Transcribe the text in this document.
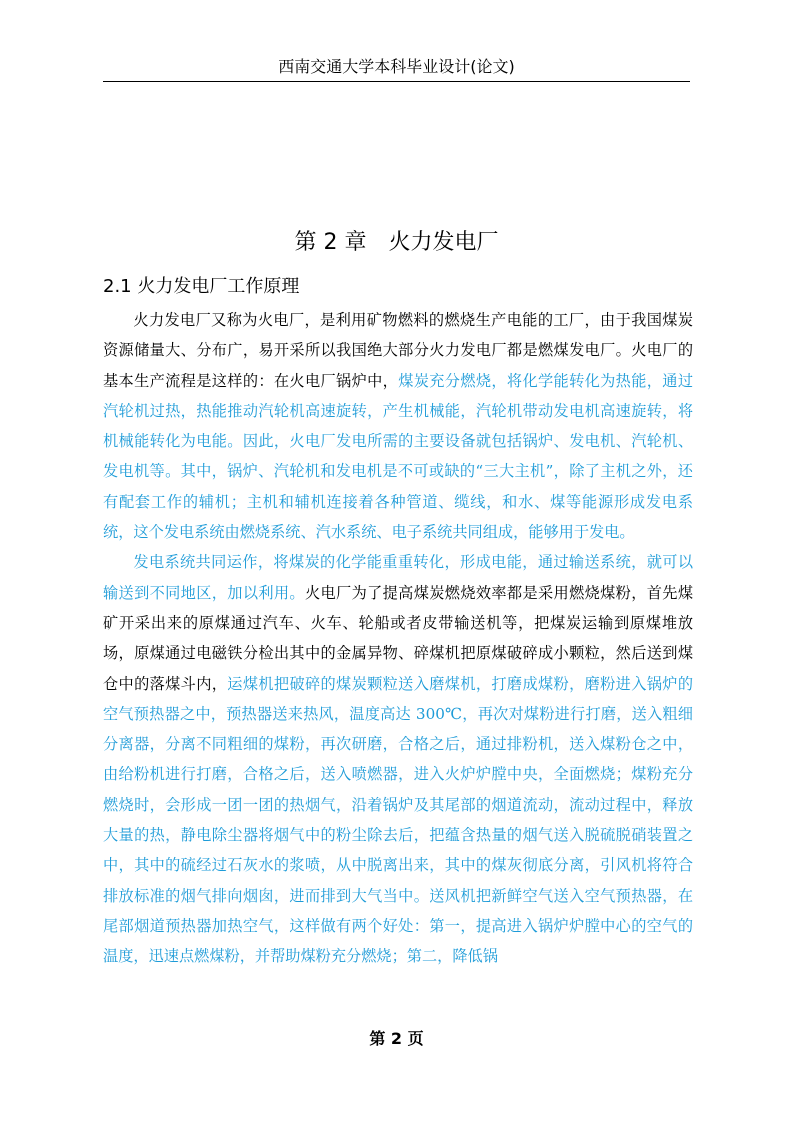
西南交通大学本科毕业设计(论文)
第 2 章　火力发电厂
2.1 火力发电厂工作原理

火力发电厂又称为火电厂，是利用矿物燃料的燃烧生产电能的工厂，由于我国煤炭资源储量大、分布广，易开采所以我国绝大部分火力发电厂都是燃煤发电厂。火电厂的基本生产流程是这样的：在火电厂锅炉中，煤炭充分燃烧，将化学能转化为热能，通过汽轮机过热，热能推动汽轮机高速旋转，产生机械能，汽轮机带动发电机高速旋转，将机械能转化为电能。因此，火电厂发电所需的主要设备就包括锅炉、发电机、汽轮机、发电机等。其中，锅炉、汽轮机和发电机是不可或缺的“三大主机”，除了主机之外，还有配套工作的辅机；主机和辅机连接着各种管道、缆线，和水、煤等能源形成发电系统，这个发电系统由燃烧系统、汽水系统、电子系统共同组成，能够用于发电。

发电系统共同运作，将煤炭的化学能重重转化，形成电能，通过输送系统，就可以输送到不同地区，加以利用。火电厂为了提高煤炭燃烧效率都是采用燃烧煤粉，首先煤矿开采出来的原煤通过汽车、火车、轮船或者皮带输送机等，把煤炭运输到原煤堆放场，原煤通过电磁铁分检出其中的金属异物、碎煤机把原煤破碎成小颗粒，然后送到煤仓中的落煤斗内，运煤机把破碎的煤炭颗粒送入磨煤机，打磨成煤粉，磨粉进入锅炉的空气预热器之中，预热器送来热风，温度高达 300℃，再次对煤粉进行打磨，送入粗细分离器，分离不同粗细的煤粉，再次研磨，合格之后，通过排粉机，送入煤粉仓之中，由给粉机进行打磨，合格之后，送入喷燃器，进入火炉炉膛中央，全面燃烧；煤粉充分燃烧时，会形成一团一团的热烟气，沿着锅炉及其尾部的烟道流动，流动过程中，释放大量的热，静电除尘器将烟气中的粉尘除去后，把蕴含热量的烟气送入脱硫脱硝装置之中，其中的硫经过石灰水的浆喷，从中脱离出来，其中的煤灰彻底分离，引风机将符合排放标准的烟气排向烟囱，进而排到大气当中。送风机把新鲜空气送入空气预热器，在尾部烟道预热器加热空气，这样做有两个好处：第一，提高进入锅炉炉膛中心的空气的温度，迅速点燃煤粉，并帮助煤粉充分燃烧；第二，降低锅

第 2 页
